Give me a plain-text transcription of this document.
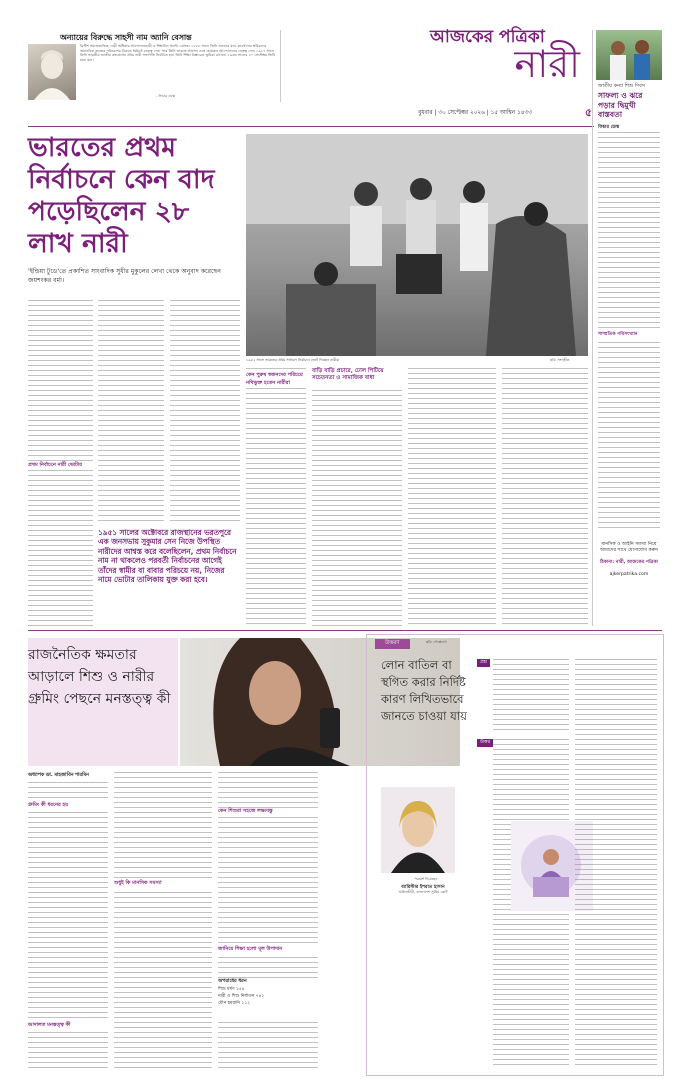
অন্যায়ের বিরুদ্ধে সাহসী নাম অ্যানি বেসান্ত
ব্রিটিশ সমাজতান্ত্রিক, নারী অধিকার আন্দোলনকারী ও শিক্ষাবিদ অ্যানি বেসান্ত। ১৮৮৮ সালে তিনি লন্ডনের ম্যাচ কারখানার শ্রমিকদের অমানবিক কাজের পরিবেশের বিরুদ্ধে ধর্মঘটে নেতৃত্ব দেন। পরে তিনি ভারতে আসেন এবং হোমরুল আন্দোলনের নেতৃত্ব দেন। ১৯১৭ সালে তিনি ভারতীয় জাতীয় কংগ্রেসের প্রথম নারী সভাপতি নির্বাচিত হন। তিনি শিক্ষা বিস্তারেও ভূমিকা রাখেন। ১৯৩৩ সালের ২০ সেপ্টেম্বর তিনি মারা যান।
- ফিচার ডেস্ক
আজকের পত্রিকা
নারী
বুধবার | ৩০ সেপ্টেম্বর ২০২৬ | ১৫ আশ্বিন ১৪৩৩	৫
জাতীয় কন্যা শিশু দিবস
সাফল্য ও ঝরে পড়ার দ্বিমুখী বাস্তবতা
ফিচার ডেস্ক
সাম্প্রতিক পরিসংখ্যান
মানসিক ও আইনি সমস্যা নিয়ে আমাদের সাথে যোগাযোগ করুন
ঠিকানা: নারী, আজকের পত্রিকা
ajkerpatrika.com
ভারতের প্রথম নির্বাচনে কেন বাদ পড়েছিলেন ২৮ লাখ নারী
'ইন্ডিয়া টুডে'তে প্রকাশিত সাংবাদিক সুধীর মুকুলের লেখা থেকে অনুবাদ করেছেন জয়শংকর বর্মা।
১৯৫২ সালে ভারতের প্রথম সাধারণ নির্বাচনে ভোট দিচ্ছেন নারীরা	ছবি: সংগৃহীত
প্রথম নির্বাচনে নারী ভোটার
১৯৫১ সালের অক্টোবরে রাজস্থানের ভরতপুরে এক জনসভায় সুকুমার সেন নিজে উপস্থিত নারীদের আশ্বস্ত করে বলেছিলেন, প্রথম নির্বাচনে নাম না থাকলেও পরবর্তী নির্বাচনের আগেই তাঁদের স্বামীর বা বাবার পরিচয়ে নয়, নিজের নামে ভোটার তালিকায় যুক্ত করা হবে।
কেন পুরুষ স্বজনদের পরিচয়ে নথিভুক্ত হতেন নারীরা
বাড়ি বাড়ি প্রচারে, ঢোল পিটিয়ে সচেতনতা ও সামাজিক বাধা
রাজনৈতিক ক্ষমতার আড়ালে শিশু ও নারীর গ্রুমিং পেছনে মনস্তত্ত্ব কী
ছবি: পেক্সেলস
অধ্যাপক ডা. মাহজাবিন শারমিন
গ্রুমিং কী ধরনের হয়
আদালত মনস্তত্ত্ব কী
শুধুই কি মানসিক সমস্যা
কেন শিশুরা সহজে লক্ষ্যবস্তু
জানিয়ে শিক্ষা হলো মূল উপাদান
অপরাধের ধরন
শিশু ধর্ষণ ১৫৪
নারী ও শিশু নির্যাতন ৭৪২
যৌন হয়রানি ১১২
উত্তরণ
লোন বাতিল বা স্থগিত করার নির্দিষ্ট কারণ লিখিতভাবে জানতে চাওয়া যায়
পরামর্শ দিয়েছেন
ব্যারিস্টার ইশরাত হাসান
আইনজীবী, বাংলাদেশ সুপ্রিম কোর্ট
প্রশ্ন
উত্তর
